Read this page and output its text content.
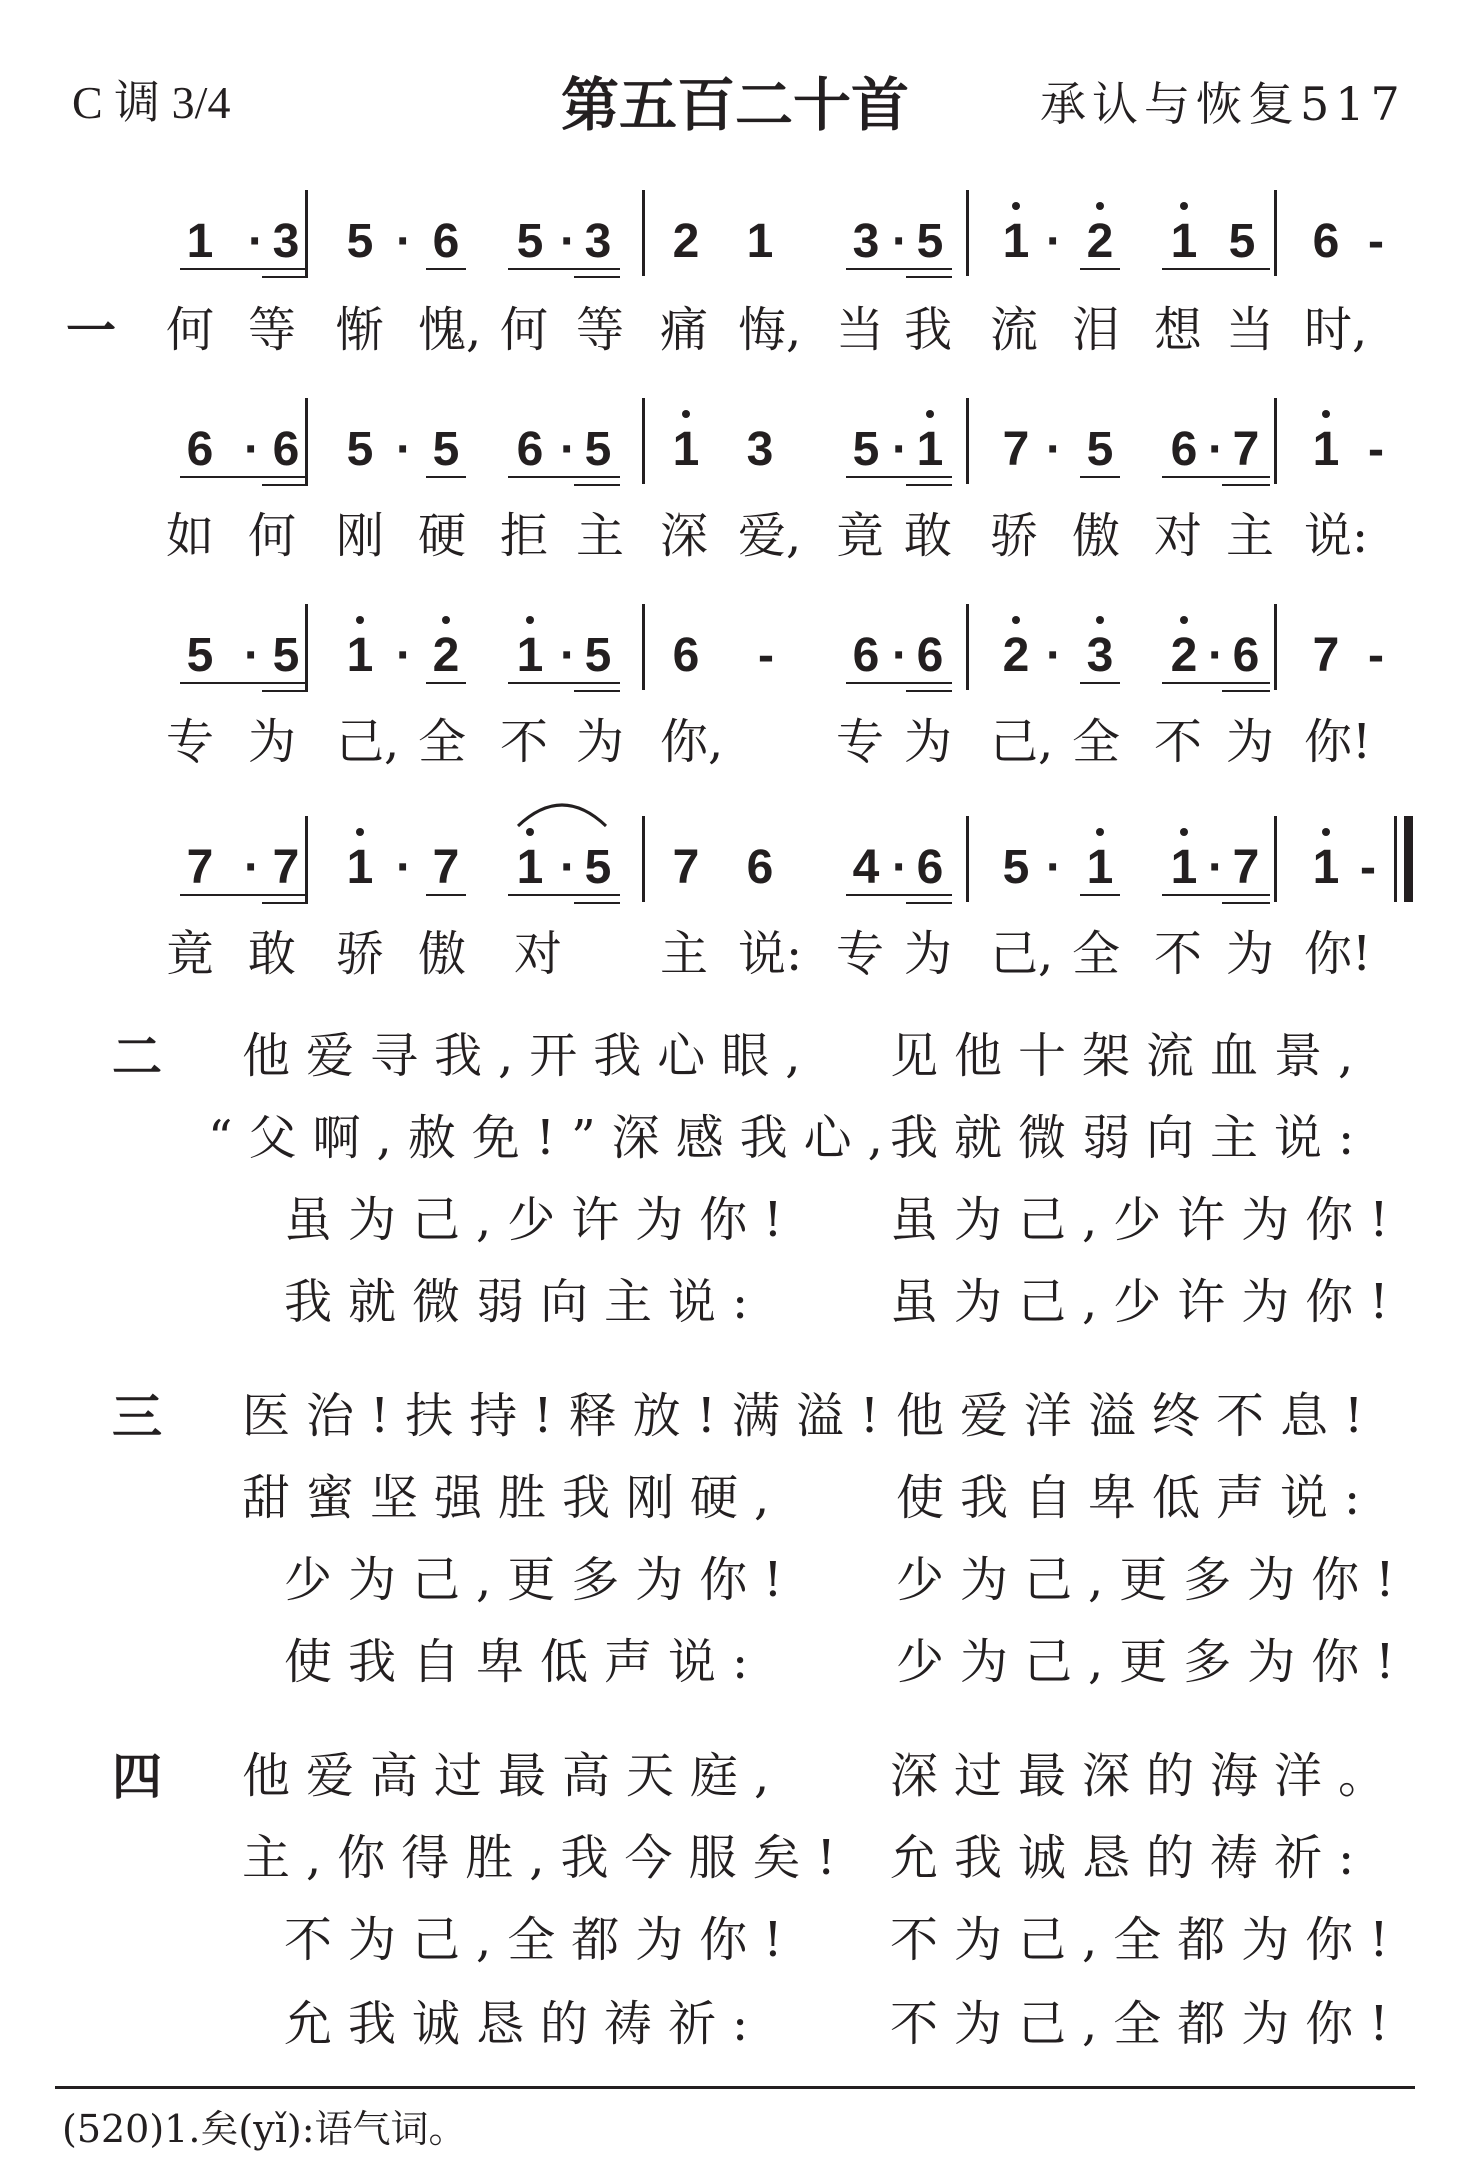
C 调 3/4	第五百二十首	承认与恢复517
1 · 3 5 · 6 5 · 3 2 1 3 · 5 1 · 2 1 5 6 -
一 何 等 惭 愧, 何 等 痛 悔, 当 我 流 泪 想 当 时,
6 · 6 5 · 5 6 · 5 1 3 5 · 1 7 · 5 6 · 7 1 -
如 何 刚 硬 拒 主 深 爱, 竟 敢 骄 傲 对 主 说:
5 · 5 1 · 2 1 · 5 6 - 6 · 6 2 · 3 2 · 6 7 -
专 为 己, 全 不 为 你, 专 为 己, 全 不 为 你!
7 · 7 1 · 7 1 · 5 7 6 4 · 6 5 · 1 1 · 7 1 -
竟 敢 骄 傲 对 主 说: 专 为 己, 全 不 为 你!
二 他爱寻我,开我心眼,
“父啊,赦免!”深感我心,
虽为己,少许为你!
我就微弱向主说:
见他十架流血景,
我就微弱向主说:
虽为己,少许为你!
虽为己,少许为你!
三 医治!扶持!释放!满溢!
甜蜜坚强胜我刚硬,
少为己,更多为你!
使我自卑低声说:
他爱洋溢终不息!
使我自卑低声说:
少为己,更多为你!
少为己,更多为你!
四 他爱高过最高天庭,
主,你得胜,我今服矣!
不为己,全都为你!
允我诚恳的祷祈:
深过最深的海洋。
允我诚恳的祷祈:
不为己,全都为你!
不为己,全都为你!
(520)1.矣(yǐ):语气词。
